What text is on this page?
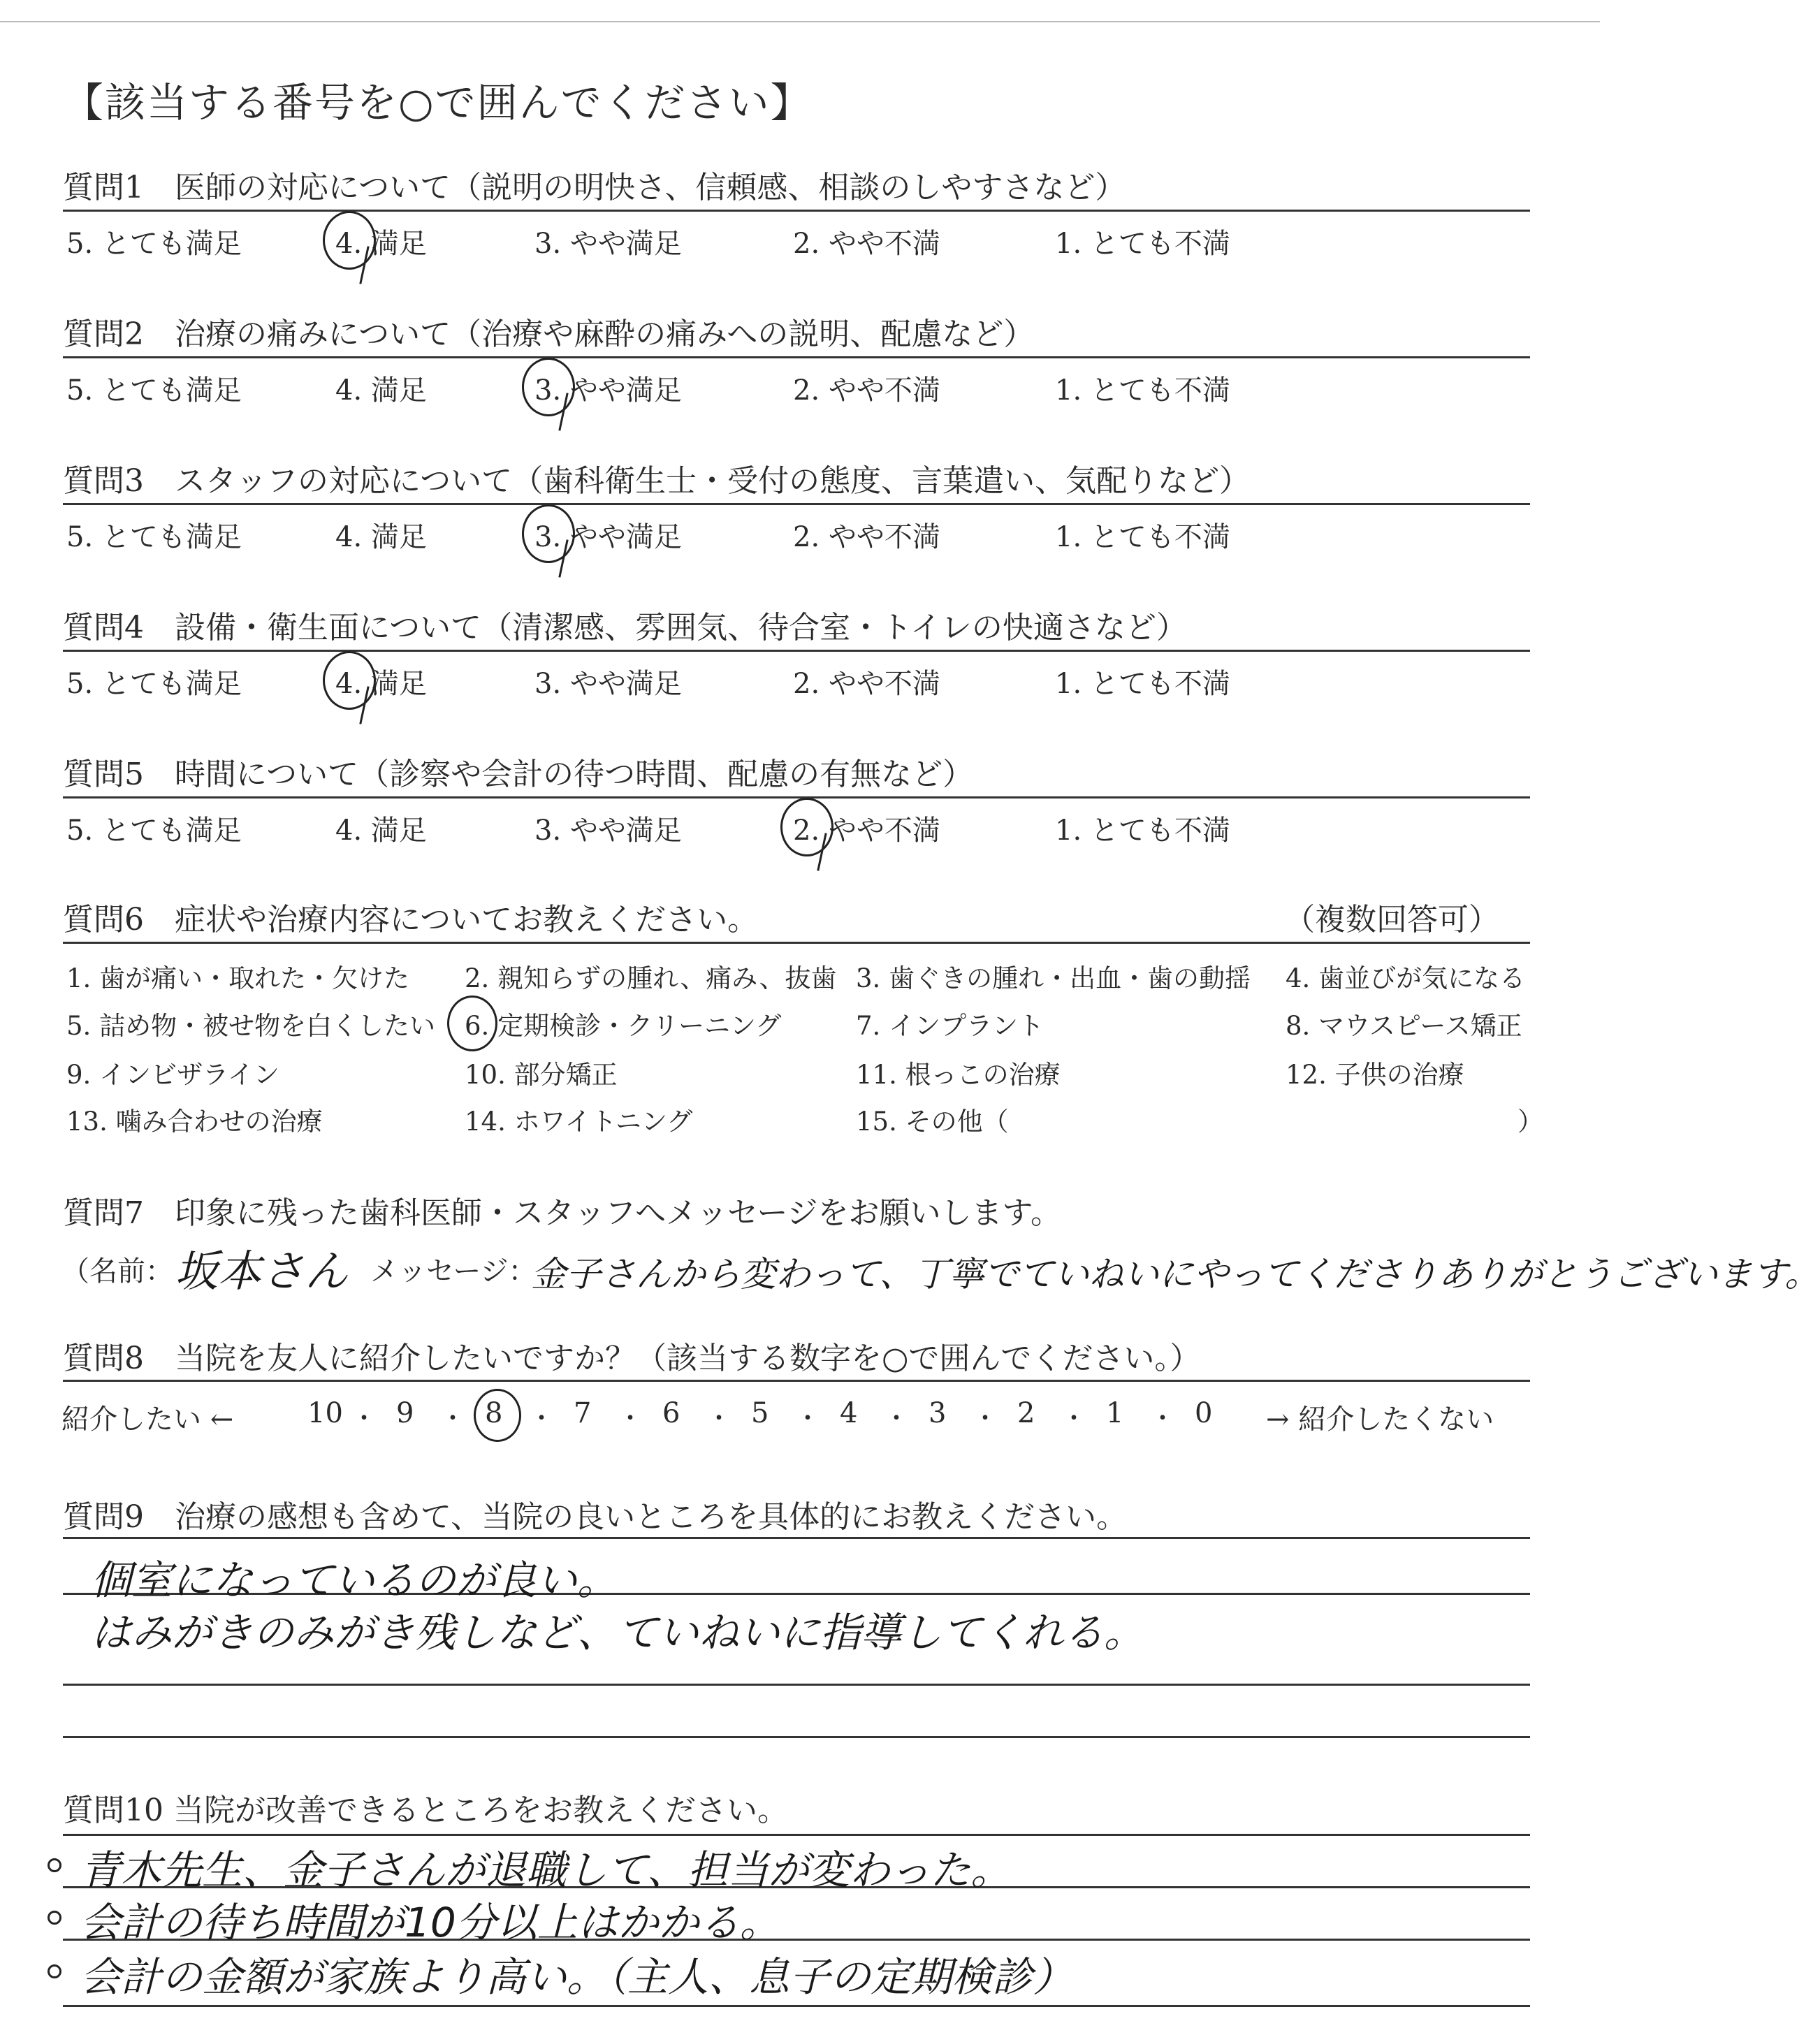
【該当する番号を○で囲んでください】
質問1　医師の対応について（説明の明快さ、信頼感、相談のしやすさなど）
5. とても満足	4. 満足	3. やや満足	2. やや不満	1. とても不満
質問2　治療の痛みについて（治療や麻酔の痛みへの説明、配慮など）
5. とても満足	4. 満足	3. やや満足	2. やや不満	1. とても不満
質問3　スタッフの対応について（歯科衛生士・受付の態度、言葉遣い、気配りなど）
5. とても満足	4. 満足	3. やや満足	2. やや不満	1. とても不満
質問4　設備・衛生面について（清潔感、雰囲気、待合室・トイレの快適さなど）
5. とても満足	4. 満足	3. やや満足	2. やや不満	1. とても不満
質問5　時間について（診察や会計の待つ時間、配慮の有無など）
5. とても満足	4. 満足	3. やや満足	2. やや不満	1. とても不満
質問6　症状や治療内容についてお教えください。	（複数回答可）
1. 歯が痛い・取れた・欠けた 2. 親知らずの腫れ、痛み、抜歯 3. 歯ぐきの腫れ・出血・歯の動揺 4. 歯並びが気になる
5. 詰め物・被せ物を白くしたい 6. 定期検診・クリーニング	7. インプラント	8. マウスピース矯正
9. インビザライン	10. 部分矯正	11. 根っこの治療	12. 子供の治療
13. 噛み合わせの治療	14. ホワイトニング	15. その他（	）
質問7　印象に残った歯科医師・スタッフへメッセージをお願いします。
（名前： 坂本さん メッセージ：
金子さんから変わって、丁寧でていねいにやってくださりありがとうございます。
質問8　当院を友人に紹介したいですか？（該当する数字を○で囲んでください。）
紹介したい ←	→ 紹介したくない
10 ・ 9 ・ 8 ・ 7 ・ 6 ・ 5 ・ 4 ・ 3 ・ 2 ・ 1 ・ 0
質問9　治療の感想も含めて、当院の良いところを具体的にお教えください。
個室になっているのが良い。
はみがきのみがき残しなど、ていねいに指導してくれる。
質問10 当院が改善できるところをお教えください。
青木先生、金子さんが退職して、担当が変わった。
会計の待ち時間が10分以上はかかる。
会計の金額が家族より高い。（主人、息子の定期検診）
